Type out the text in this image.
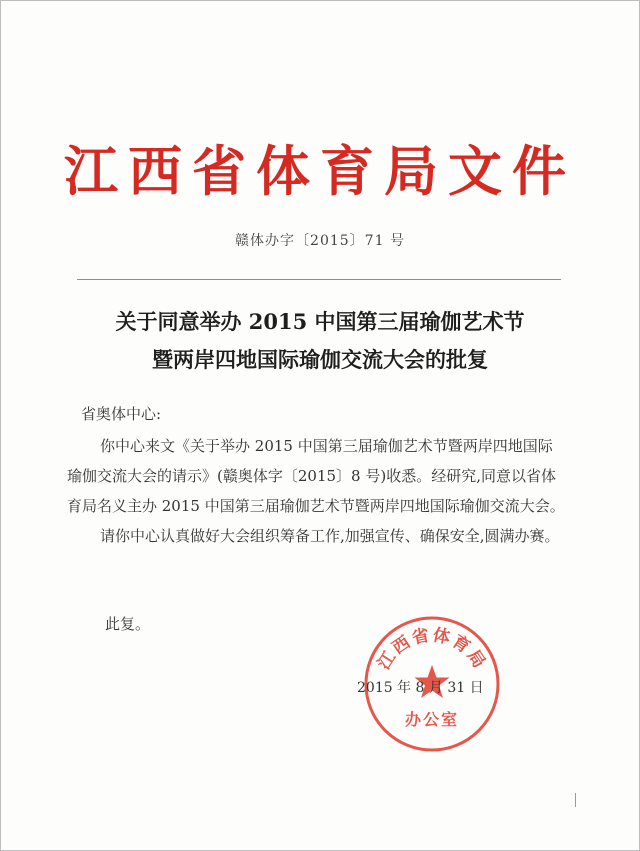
江西省体育局文件
赣体办字〔2015〕71 号
关于同意举办 2015 中国第三届瑜伽艺术节
暨两岸四地国际瑜伽交流大会的批复
省奥体中心:

你中心来文《关于举办 2015 中国第三届瑜伽艺术节暨两岸四地国际瑜伽交流大会的请示》(赣奥体字〔2015〕8 号)收悉。经研究,同意以省体育局名义主办 2015 中国第三届瑜伽艺术节暨两岸四地国际瑜伽交流大会。

请你中心认真做好大会组织筹备工作,加强宣传、确保安全,圆满办赛。

此复。
江西省体育局
办公室
2015 年 8 月 31 日
